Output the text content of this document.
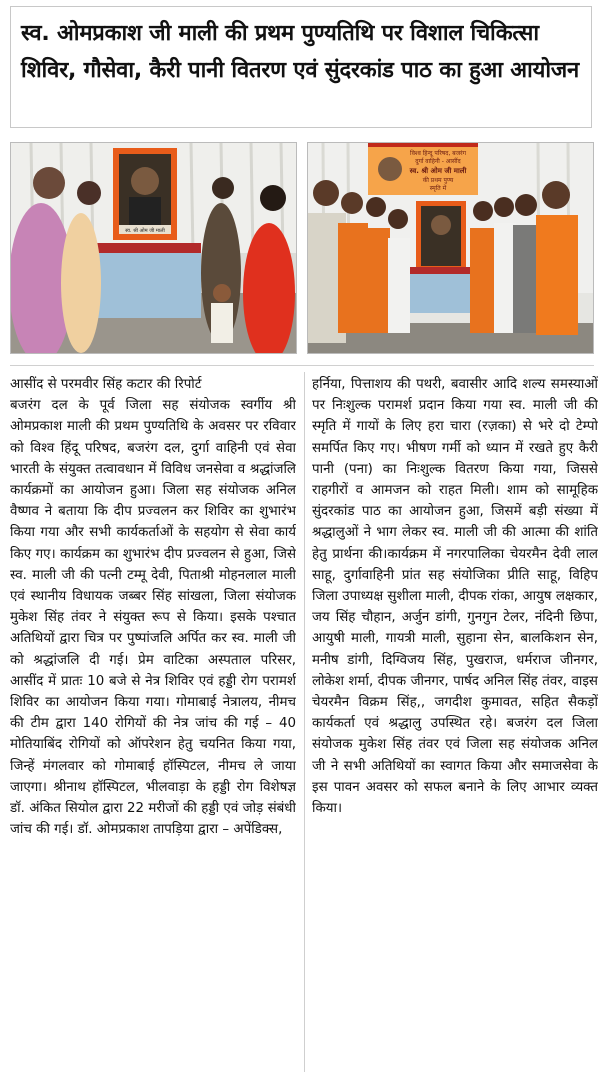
स्व. ओमप्रकाश जी माली की प्रथम पुण्यतिथि पर विशाल चिकित्सा शिविर, गौसेवा, कैरी पानी वितरण एवं सुंदरकांड पाठ का हुआ आयोजन
स्व. श्री ओम जी माली
विश्व हिन्दू परिषद, बजरंग
दुर्गा वाहिनी - आसींद
स्व. श्री ओम जी माली
की प्रथम पुण्य
स्मृति में

आसींद से परमवीर सिंह कटार की रिपोर्ट

बजरंग दल के पूर्व जिला सह संयोजक स्वर्गीय श्री ओमप्रकाश माली की प्रथम पुण्यतिथि के अवसर पर रविवार को विश्व हिंदू परिषद, बजरंग दल, दुर्गा वाहिनी एवं सेवा भारती के संयुक्त तत्वावधान में विविध जनसेवा व श्रद्धांजलि कार्यक्रमों का आयोजन हुआ। जिला सह संयोजक अनिल वैष्णव ने बताया कि दीप प्रज्वलन कर शिविर का शुभारंभ किया गया और सभी कार्यकर्ताओं के सहयोग से सेवा कार्य किए गए। कार्यक्रम का शुभारंभ दीप प्रज्वलन से हुआ, जिसे स्व. माली जी की पत्नी टम्मू देवी, पिताश्री मोहनलाल माली एवं स्थानीय विधायक जब्बर सिंह सांखला, जिला संयोजक मुकेश सिंह तंवर ने संयुक्त रूप से किया। इसके पश्चात अतिथियों द्वारा चित्र पर पुष्पांजलि अर्पित कर स्व. माली जी को श्रद्धांजलि दी गई। प्रेम वाटिका अस्पताल परिसर, आसींद में प्रातः 10 बजे से नेत्र शिविर एवं हड्डी रोग परामर्श शिविर का आयोजन किया गया। गोमाबाई नेत्रालय, नीमच की टीम द्वारा 140 रोगियों की नेत्र जांच की गई – 40 मोतियाबिंद रोगियों को ऑपरेशन हेतु चयनित किया गया, जिन्हें मंगलवार को गोमाबाई हॉस्पिटल, नीमच ले जाया जाएगा। श्रीनाथ हॉस्पिटल, भीलवाड़ा के हड्डी रोग विशेषज्ञ डॉ. अंकित सियोल द्वारा 22 मरीजों की हड्डी एवं जोड़ संबंधी जांच की गई। डॉ. ओमप्रकाश तापड़िया द्वारा – अपेंडिक्स,

हर्निया, पित्ताशय की पथरी, बवासीर आदि शल्य समस्याओं पर निःशुल्क परामर्श प्रदान किया गया स्व. माली जी की स्मृति में गायों के लिए हरा चारा (रज़का) से भरे दो टेम्पो समर्पित किए गए। भीषण गर्मी को ध्यान में रखते हुए कैरी पानी (पना) का निःशुल्क वितरण किया गया, जिससे राहगीरों व आमजन को राहत मिली। शाम को सामूहिक सुंदरकांड पाठ का आयोजन हुआ, जिसमें बड़ी संख्या में श्रद्धालुओं ने भाग लेकर स्व. माली जी की आत्मा की शांति हेतु प्रार्थना की।कार्यक्रम में नगरपालिका चेयरमैन देवी लाल साहू, दुर्गावाहिनी प्रांत सह संयोजिका प्रीति साहू, विहिप जिला उपाध्यक्ष सुशीला माली, दीपक रांका, आयुष लक्षकार, जय सिंह चौहान, अर्जुन डांगी, गुनगुन टेलर, नंदिनी छिपा, आयुषी माली, गायत्री माली, सुहाना सेन, बालकिशन सेन, मनीष डांगी, दिग्विजय सिंह, पुखराज, धर्मराज जीनगर, लोकेश शर्मा, दीपक जीनगर, पार्षद अनिल सिंह तंवर, वाइस चेयरमैन विक्रम सिंह,, जगदीश कुमावत, सहित सैकड़ों कार्यकर्ता एवं श्रद्धालु उपस्थित रहे। बजरंग दल जिला संयोजक मुकेश सिंह तंवर एवं जिला सह संयोजक अनिल जी ने सभी अतिथियों का स्वागत किया और समाजसेवा के इस पावन अवसर को सफल बनाने के लिए आभार व्यक्त किया।
